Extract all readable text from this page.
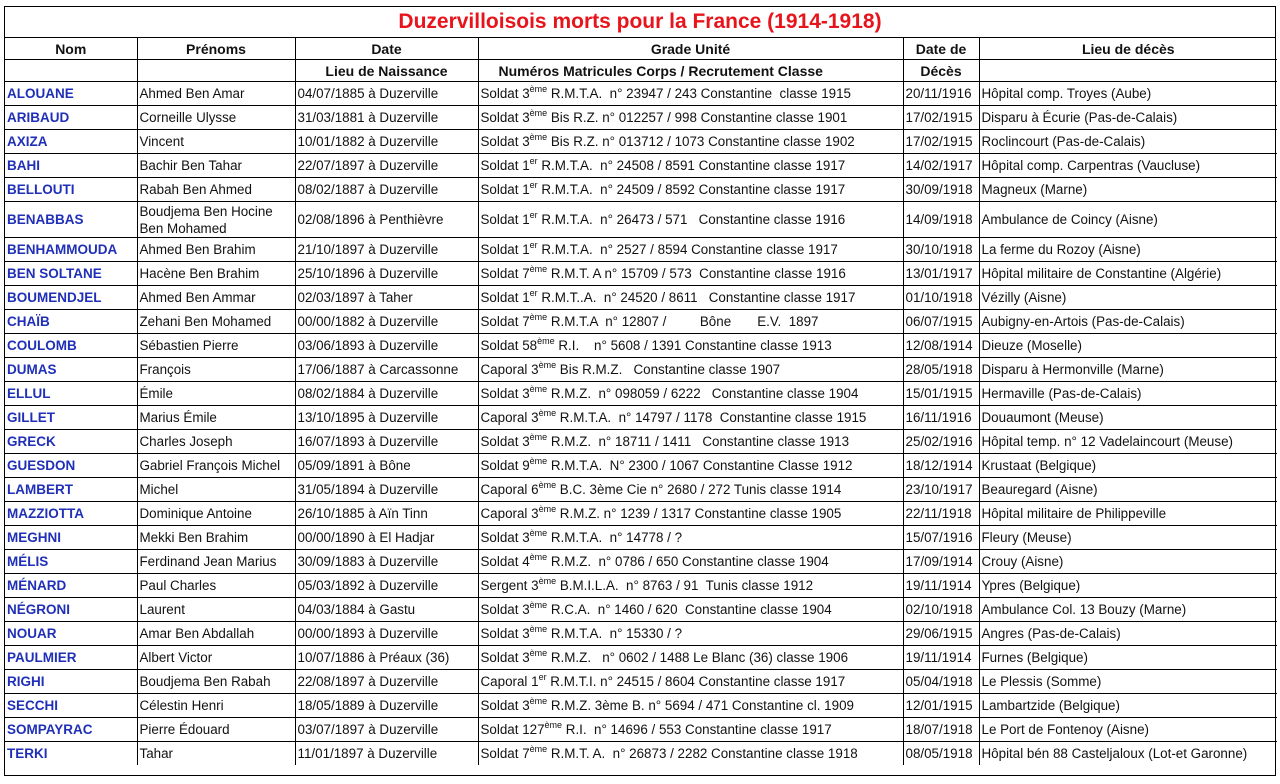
Duzervilloisois morts pour la France (1914-1918)
Nom	Prénoms	Date	Grade Unité	Date de	Lieu de décès
		Lieu de Naissance	Numéros Matricules Corps / Recrutement Classe	Décès	
ALOUANE	Ahmed Ben Amar	04/07/1885 à Duzerville	Soldat 3ème R.M.T.A.  n° 23947 / 243 Constantine  classe 1915	20/11/1916	Hôpital comp. Troyes (Aube)
ARIBAUD	Corneille Ulysse	31/03/1881 à Duzerville	Soldat 3ème Bis R.Z. n° 012257 / 998 Constantine classe 1901	17/02/1915	Disparu à Écurie (Pas-de-Calais)
AXIZA	Vincent	10/01/1882 à Duzerville	Soldat 3ème Bis R.Z. n° 013712 / 1073 Constantine classe 1902	17/02/1915	Roclincourt (Pas-de-Calais)
BAHI	Bachir Ben Tahar	22/07/1897 à Duzerville	Soldat 1er R.M.T.A.  n° 24508 / 8591 Constantine classe 1917	14/02/1917	Hôpital comp. Carpentras (Vaucluse)
BELLOUTI	Rabah Ben Ahmed	08/02/1887 à Duzerville	Soldat 1er R.M.T.A.  n° 24509 / 8592 Constantine classe 1917	30/09/1918	Magneux (Marne)
BENABBAS	Boudjema Ben Hocine Ben Mohamed	02/08/1896 à Penthièvre	Soldat 1er R.M.T.A.  n° 26473 / 571   Constantine classe 1916	14/09/1918	Ambulance de Coincy (Aisne)
BENHAMMOUDA	Ahmed Ben Brahim	21/10/1897 à Duzerville	Soldat 1er R.M.T.A.  n° 2527 / 8594 Constantine classe 1917	30/10/1918	La ferme du Rozoy (Aisne)
BEN SOLTANE	Hacène Ben Brahim	25/10/1896 à Duzerville	Soldat 7ème R.M.T. A n° 15709 / 573  Constantine classe 1916	13/01/1917	Hôpital militaire de Constantine (Algérie)
BOUMENDJEL	Ahmed Ben Ammar	02/03/1897 à Taher	Soldat 1er R.M.T..A.  n° 24520 / 8611   Constantine classe 1917	01/10/1918	Vézilly (Aisne)
CHAÏB	Zehani Ben Mohamed	00/00/1882 à Duzerville	Soldat 7ème R.M.T.A  n° 12807 /         Bône       E.V.  1897	06/07/1915	Aubigny-en-Artois (Pas-de-Calais)
COULOMB	Sébastien Pierre	03/06/1893 à Duzerville	Soldat 58ème R.I.    n° 5608 / 1391 Constantine classe 1913	12/08/1914	Dieuze (Moselle)
DUMAS	François	17/06/1887 à Carcassonne	Caporal 3ème Bis R.M.Z.   Constantine classe 1907	28/05/1918	Disparu à Hermonville (Marne)
ELLUL	Émile	08/02/1884 à Duzerville	Soldat 3ème R.M.Z.  n° 098059 / 6222   Constantine classe 1904	15/01/1915	Hermaville (Pas-de-Calais)
GILLET	Marius Émile	13/10/1895 à Duzerville	Caporal 3ème R.M.T.A.  n° 14797 / 1178  Constantine classe 1915	16/11/1916	Douaumont (Meuse)
GRECK	Charles Joseph	16/07/1893 à Duzerville	Soldat 3ème R.M.Z.  n° 18711 / 1411   Constantine classe 1913	25/02/1916	Hôpital temp. n° 12 Vadelaincourt (Meuse)
GUESDON	Gabriel François Michel	05/09/1891 à Bône	Soldat 9ème R.M.T.A.  N° 2300 / 1067 Constantine Classe 1912	18/12/1914	Krustaat (Belgique)
LAMBERT	Michel	31/05/1894 à Duzerville	Caporal 6ème B.C. 3ème Cie n° 2680 / 272 Tunis classe 1914	23/10/1917	Beauregard (Aisne)
MAZZIOTTA	Dominique Antoine	26/10/1885 à Aïn Tinn	Caporal 3ème R.M.Z. n° 1239 / 1317 Constantine classe 1905	22/11/1918	Hôpital militaire de Philippeville
MEGHNI	Mekki Ben Brahim	00/00/1890 à El Hadjar	Soldat 3ème R.M.T.A.  n° 14778 / ?	15/07/1916	Fleury (Meuse)
MÉLIS	Ferdinand Jean Marius	30/09/1883 à Duzerville	Soldat 4ème R.M.Z.  n° 0786 / 650 Constantine classe 1904	17/09/1914	Crouy (Aisne)
MÉNARD	Paul Charles	05/03/1892 à Duzerville	Sergent 3ème B.M.I.L.A.  n° 8763 / 91  Tunis classe 1912	19/11/1914	Ypres (Belgique)
NÉGRONI	Laurent	04/03/1884 à Gastu	Soldat 3ème R.C.A.  n° 1460 / 620  Constantine classe 1904	02/10/1918	Ambulance Col. 13 Bouzy (Marne)
NOUAR	Amar Ben Abdallah	00/00/1893 à Duzerville	Soldat 3ème R.M.T.A.  n° 15330 / ?	29/06/1915	Angres (Pas-de-Calais)
PAULMIER	Albert Victor	10/07/1886 à Préaux (36)	Soldat 3ème R.M.Z.   n° 0602 / 1488 Le Blanc (36) classe 1906	19/11/1914	Furnes (Belgique)
RIGHI	Boudjema Ben Rabah	22/08/1897 à Duzerville	Caporal 1er R.M.T.I. n° 24515 / 8604 Constantine classe 1917	05/04/1918	Le Plessis (Somme)
SECCHI	Célestin Henri	18/05/1889 à Duzerville	Soldat 3ème R.M.Z. 3ème B. n° 5694 / 471 Constantine cl. 1909	12/01/1915	Lambartzide (Belgique)
SOMPAYRAC	Pierre Édouard	03/07/1897 à Duzerville	Soldat 127ème R.I.  n° 14696 / 553 Constantine classe 1917	18/07/1918	Le Port de Fontenoy (Aisne)
TERKI	Tahar	11/01/1897 à Duzerville	Soldat 7ème R.M.T. A.  n° 26873 / 2282 Constantine classe 1918	08/05/1918	Hôpital bén 88 Casteljaloux (Lot-et Garonne)
